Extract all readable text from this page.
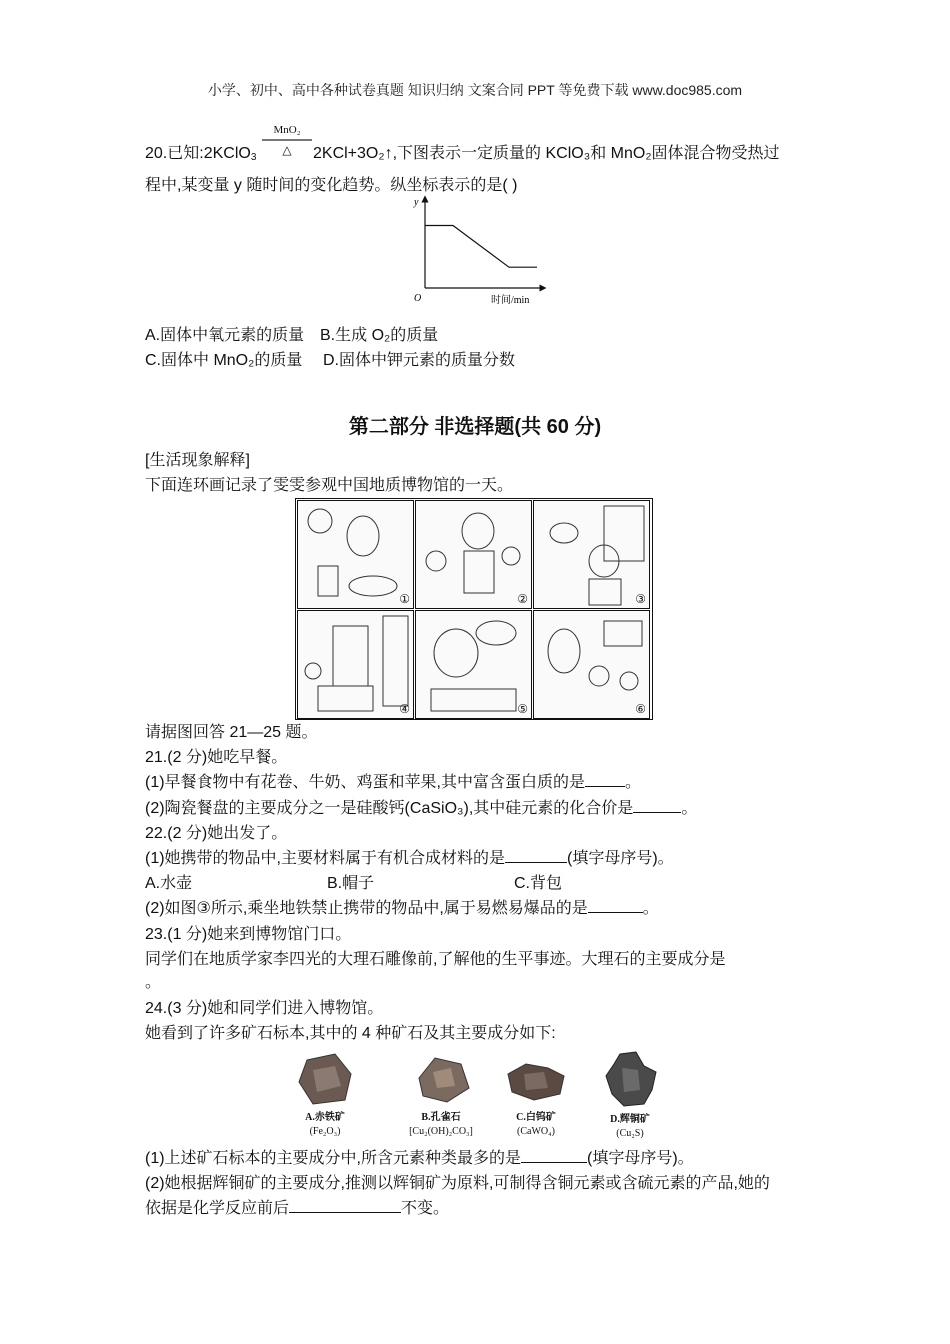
小学、初中、高中各种试卷真题 知识归纳 文案合同 PPT 等免费下载 www.doc985.com
MnO₂
△
20.已知:2KClO$_3$	2KCl+3O₂↑,下图表示一定质量的 KClO₃和 MnO₂固体混合物受热过
程中,某变量 y 随时间的变化趋势。纵坐标表示的是( )
y
O	时间/min
A.固体中氧元素的质量 B.生成 O₂的质量
C.固体中 MnO₂的质量 D.固体中钾元素的质量分数
第二部分 非选择题(共 60 分)
[生活现象解释]
下面连环画记录了雯雯参观中国地质博物馆的一天。
①	②	③
④	⑤	⑥
请据图回答 21—25 题。
21.(2 分)她吃早餐。
(1)早餐食物中有花卷、牛奶、鸡蛋和苹果,其中富含蛋白质的是	。
(2)陶瓷餐盘的主要成分之一是硅酸钙(CaSiO₃),其中硅元素的化合价是	。
22.(2 分)她出发了。
(1)她携带的物品中,主要材料属于有机合成材料的是	(填字母序号)。
A.水壶	B.帽子	C.背包
(2)如图③所示,乘坐地铁禁止携带的物品中,属于易燃易爆品的是	。
23.(1 分)她来到博物馆门口。
同学们在地质学家李四光的大理石雕像前,了解他的生平事迹。大理石的主要成分是
。
24.(3 分)她和同学们进入博物馆。
她看到了许多矿石标本,其中的 4 种矿石及其主要成分如下:
A.赤铁矿
(Fe₂O₃)
B.孔雀石
[Cu₂(OH)₂CO₃]
C.白钨矿
(CaWO₄)
D.辉铜矿
(Cu₂S)
(1)上述矿石标本的主要成分中,所含元素种类最多的是	(填字母序号)。
(2)她根据辉铜矿的主要成分,推测以辉铜矿为原料,可制得含铜元素或含硫元素的产品,她的
依据是化学反应前后	不变。
